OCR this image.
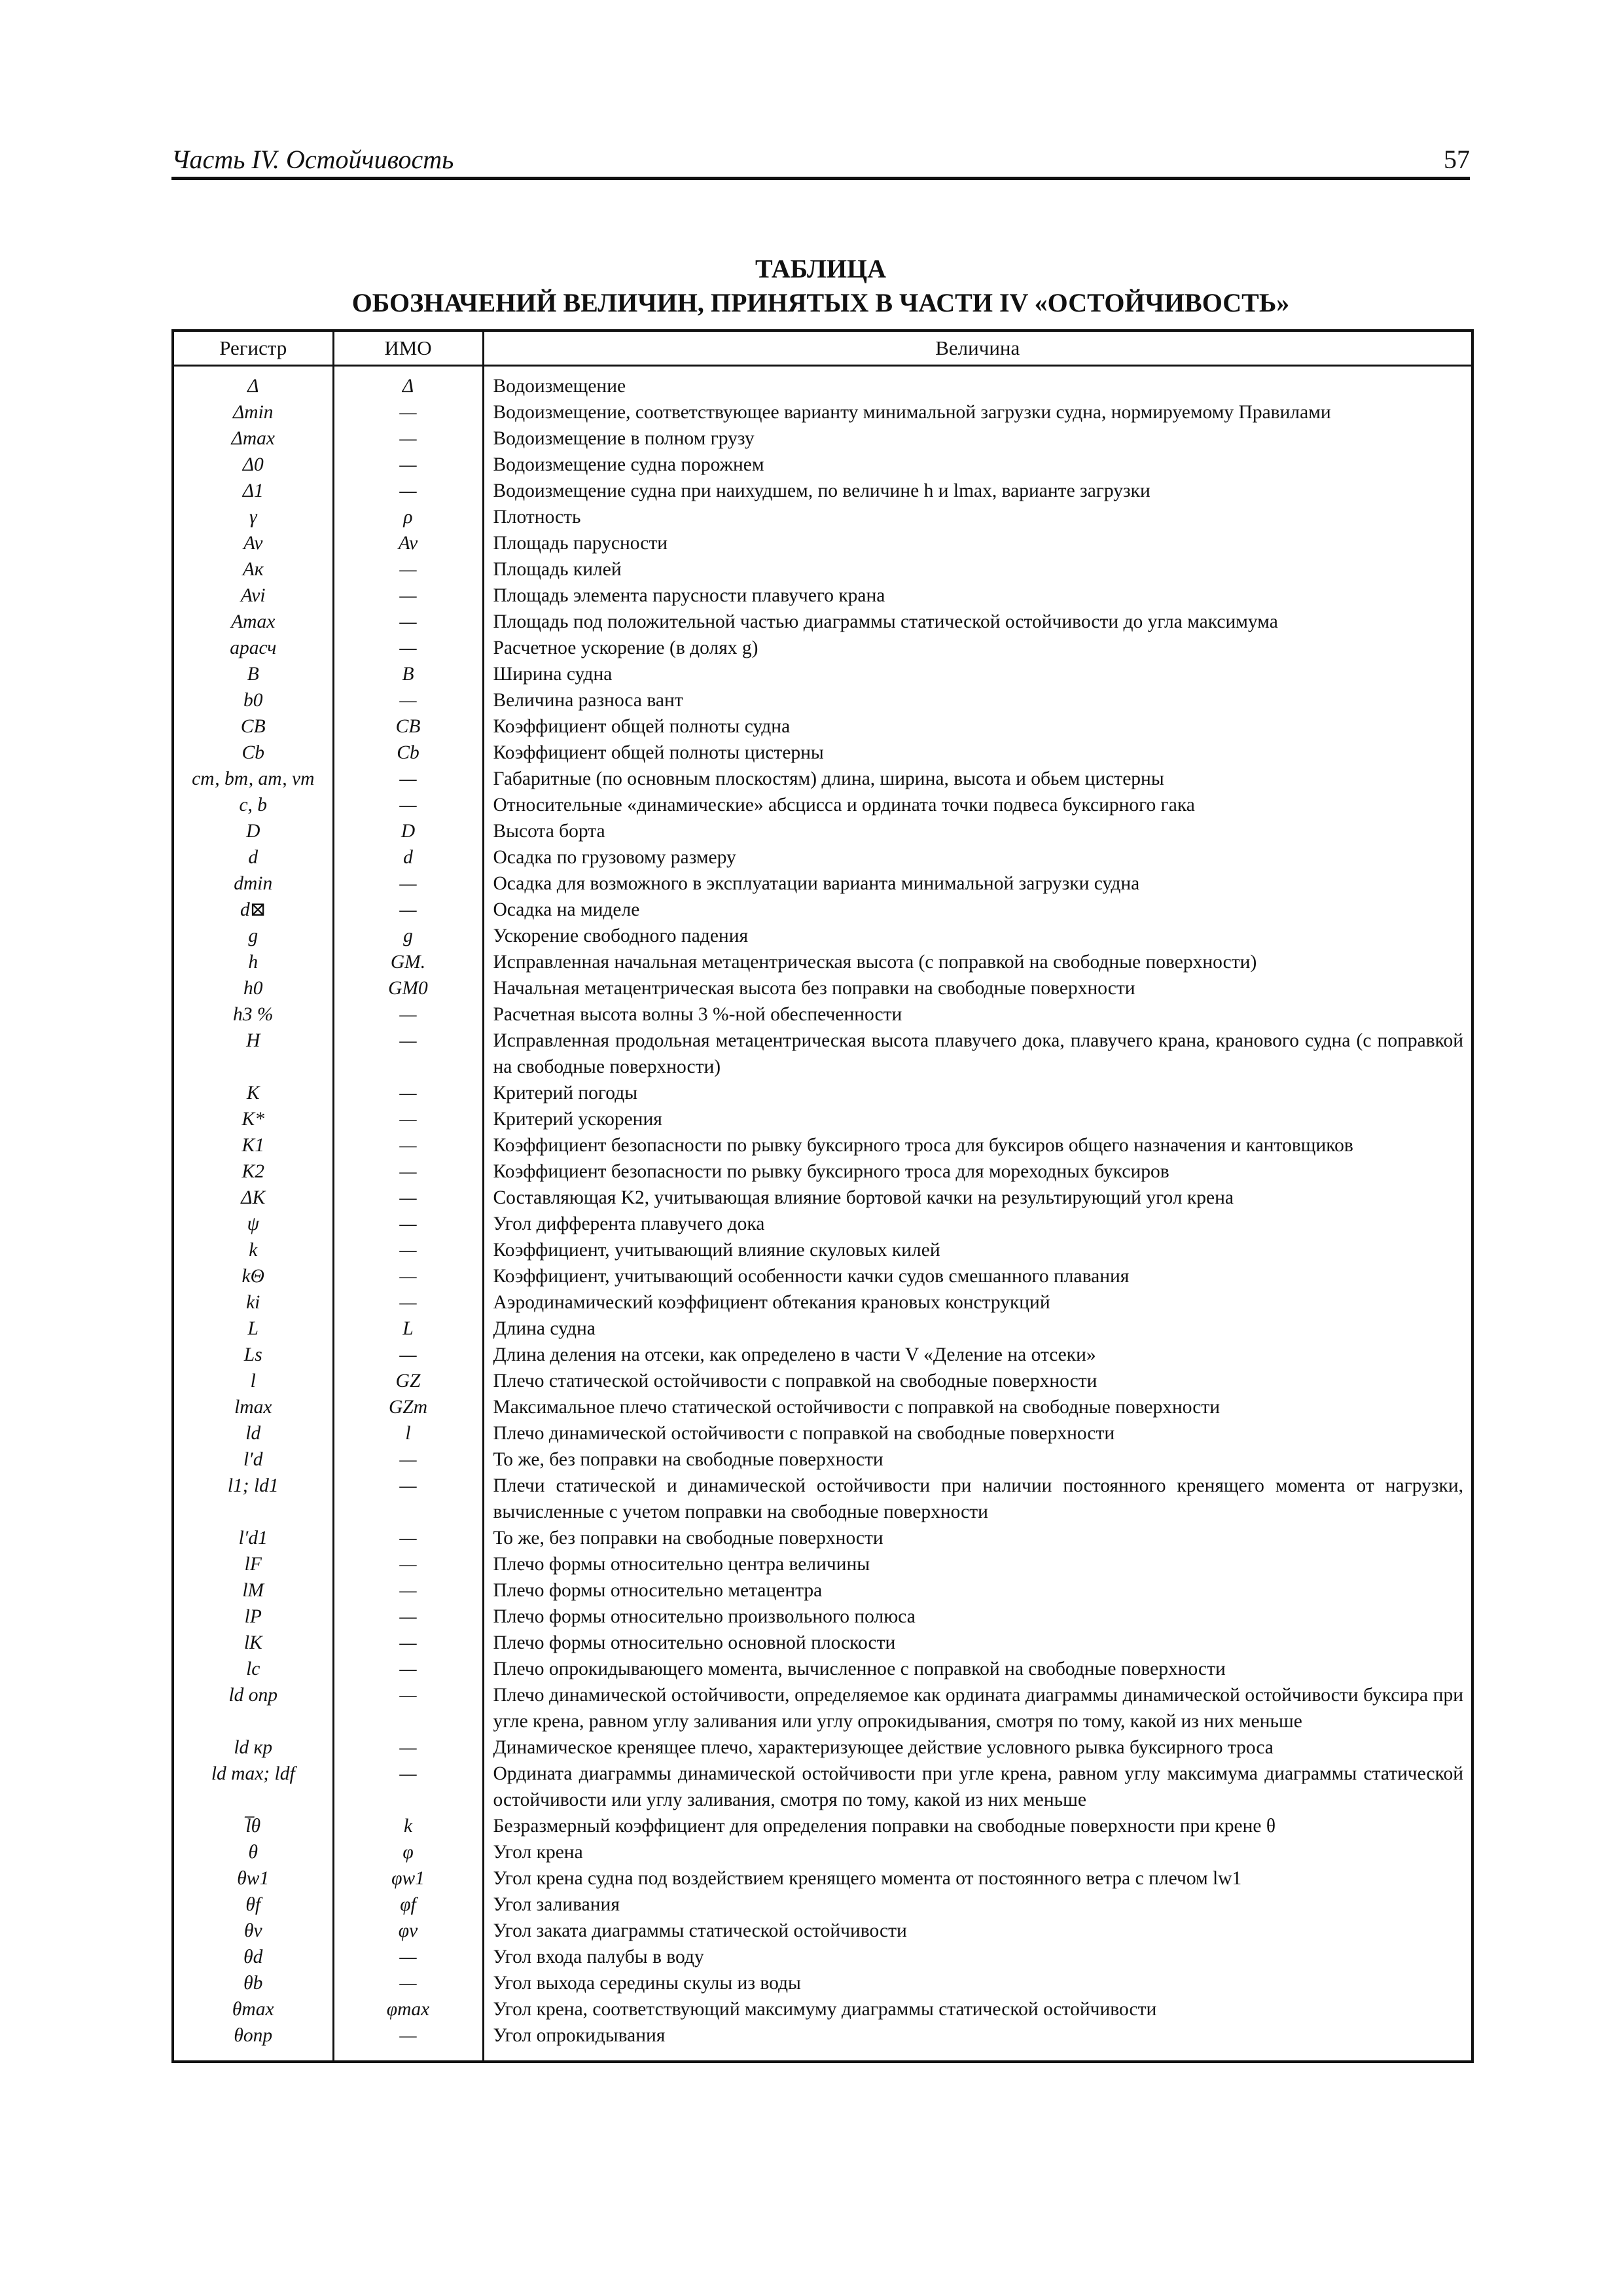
Часть IV. Остойчивость	57
ТАБЛИЦА
ОБОЗНАЧЕНИЙ ВЕЛИЧИН, ПРИНЯТЫХ В ЧАСТИ IV «ОСТОЙЧИВОСТЬ»
Регистр	ИМО	Величина
Δ	Δ	Водоизмещение
Δmin	—	Водоизмещение, соответствующее варианту минимальной загрузки судна, нормируемому Правилами
Δmax	—	Водоизмещение в полном грузу
Δ0	—	Водоизмещение судна порожнем
Δ1	—	Водоизмещение судна при наихудшем, по величине h и lmax, варианте загрузки
γ	ρ	Плотность
Av	Av	Площадь парусности
Aк	—	Площадь килей
Avi	—	Площадь элемента парусности плавучего крана
Amax	—	Площадь под положительной частью диаграммы статической остойчивости до угла максимума
aрасч	—	Расчетное ускорение (в долях g)
B	B	Ширина судна
b0	—	Величина разноса вант
CB	CB	Коэффициент общей полноты судна
Cb	Cb	Коэффициент общей полноты цистерны
cт, bт, aт, vт	—	Габаритные (по основным плоскостям) длина, ширина, высота и обьем цистерны
c, b	—	Относительные «динамические» абсцисса и ордината точки подвеса буксирного гака
D	D	Высота борта
d	d	Осадка по грузовому размеру
dmin	—	Осадка для возможного в эксплуатации варианта минимальной загрузки судна
d⊠	—	Осадка на миделе
g	g	Ускорение свободного падения
h	GM.	Исправленная начальная метацентрическая высота (с поправкой на свободные поверхности)
h0	GM0	Начальная метацентрическая высота без поправки на свободные поверхности
h3 %	—	Расчетная высота волны 3 %-ной обеспеченности
H	—	Исправленная продольная метацентрическая высота плавучего дока, плавучего крана, кранового судна (с поправкой на свободные поверхности)
K	—	Критерий погоды
K*	—	Критерий ускорения
K1	—	Коэффициент безопасности по рывку буксирного троса для буксиров общего назначения и кантовщиков
K2	—	Коэффициент безопасности по рывку буксирного троса для мореходных буксиров
ΔK	—	Составляющая K2, учитывающая влияние бортовой качки на результирующий угол крена
ψ	—	Угол дифферента плавучего дока
k	—	Коэффициент, учитывающий влияние скуловых килей
kΘ	—	Коэффициент, учитывающий особенности качки судов смешанного плавания
ki	—	Аэродинамический коэффициент обтекания крановых конструкций
L	L	Длина судна
Ls	—	Длина деления на отсеки, как определено в части V «Деление на отсеки»
l	GZ	Плечо статической остойчивости с поправкой на свободные поверхности
lmax	GZm	Максимальное плечо статической остойчивости с поправкой на свободные поверхности
ld	l	Плечо динамической остойчивости с поправкой на свободные поверхности
l′d	—	То же, без поправки на свободные поверхности
l1; ld1	—	Плечи статической и динамической остойчивости при наличии постоянного кренящего момента от нагрузки, вычисленные с учетом поправки на свободные поверхности
l′d1	—	То же, без поправки на свободные поверхности
lF	—	Плечо формы относительно центра величины
lM	—	Плечо формы относительно метацентра
lP	—	Плечо формы относительно произвольного полюса
lK	—	Плечо формы относительно основной плоскости
lc	—	Плечо опрокидывающего момента, вычисленное с поправкой на свободные поверхности
ld опр	—	Плечо динамической остойчивости, определяемое как ордината диаграммы динамической остойчивости буксира при угле крена, равном углу заливания или углу опрокидывания, смотря по тому, какой из них меньше
ld кр	—	Динамическое кренящее плечо, характеризующее действие условного рывка буксирного троса
ld max; ldf	—	Ордината диаграммы динамической остойчивости при угле крена, равном углу максимума диаграммы статической остойчивости или углу заливания, смотря по тому, какой из них меньше
l̅θ	k	Безразмерный коэффициент для определения поправки на свободные поверхности при крене θ
θ	φ	Угол крена
θw1	φw1	Угол крена судна под воздействием кренящего момента от постоянного ветра с плечом lw1
θf	φf	Угол заливания
θv	φv	Угол заката диаграммы статической остойчивости
θd	—	Угол входа палубы в воду
θb	—	Угол выхода середины скулы из воды
θmax	φmax	Угол крена, соответствующий максимуму диаграммы статической остойчивости
θопр	—	Угол опрокидывания
